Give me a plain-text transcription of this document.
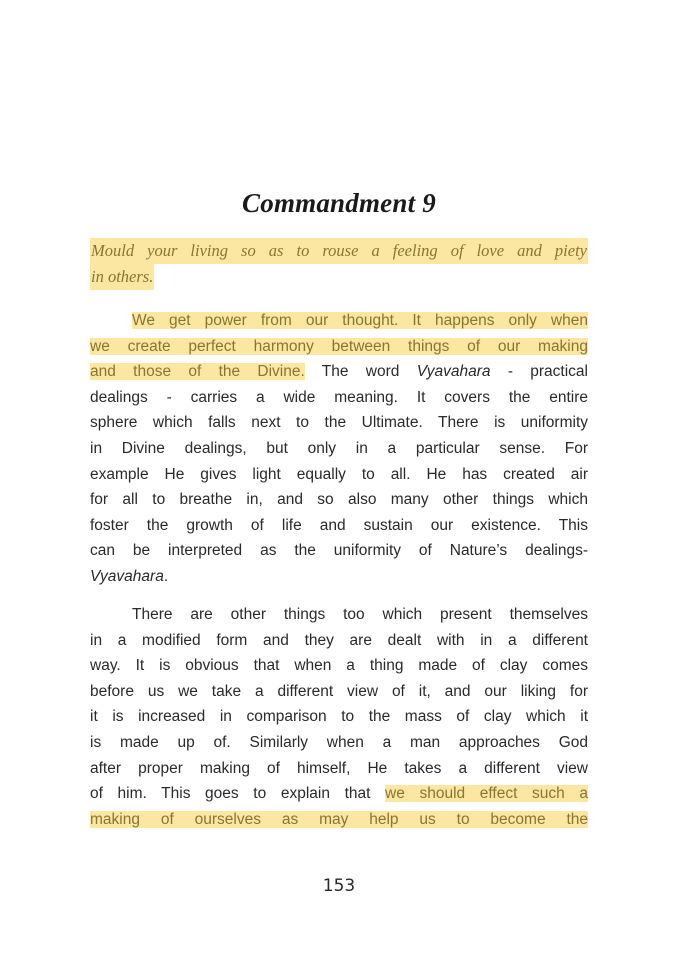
Commandment 9
Mould your living so as to rouse a feeling of love and piety
in others.
We get power from our thought. It happens only when
we create perfect harmony between things of our making
and those of the Divine. The word Vyavahara - practical
dealings - carries a wide meaning. It covers the entire
sphere which falls next to the Ultimate. There is uniformity
in Divine dealings, but only in a particular sense. For
example He gives light equally to all. He has created air
for all to breathe in, and so also many other things which
foster the growth of life and sustain our existence. This
can be interpreted as the uniformity of Nature’s dealings-
Vyavahara.
There are other things too which present themselves
in a modified form and they are dealt with in a different
way. It is obvious that when a thing made of clay comes
before us we take a different view of it, and our liking for
it is increased in comparison to the mass of clay which it
is made up of. Similarly when a man approaches God
after proper making of himself, He takes a different view
of him. This goes to explain that we should effect such a
making of ourselves as may help us to become the
153
